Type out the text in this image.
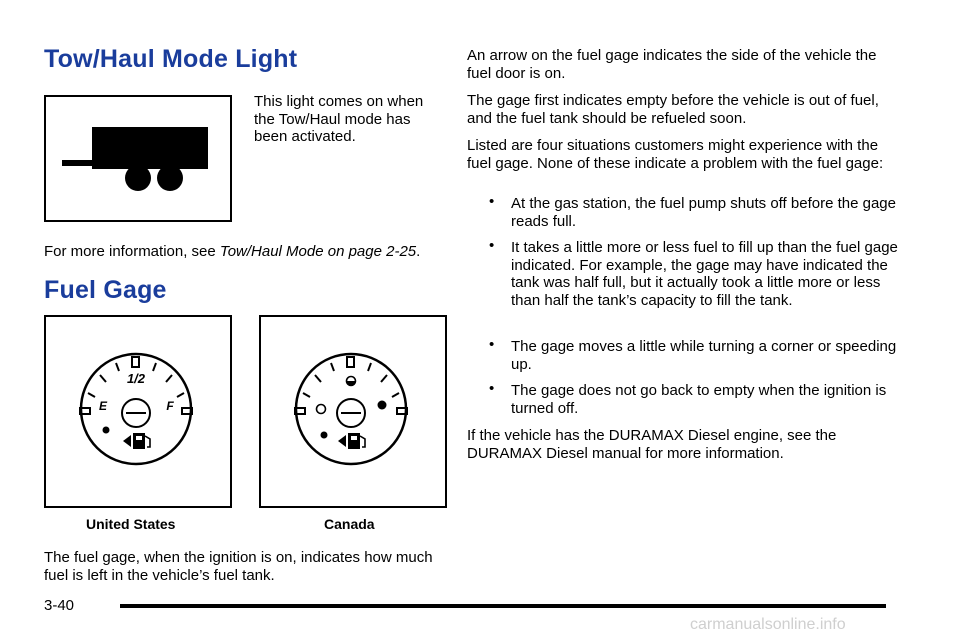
Tow/Haul Mode Light

This light comes on when the Tow/Haul mode has been activated.

For more information, see Tow/Haul Mode on page 2-25.

Fuel Gage
1/2
E	F
United States	Canada

The fuel gage, when the ignition is on, indicates how much fuel is left in the vehicle’s fuel tank.

An arrow on the fuel gage indicates the side of the vehicle the fuel door is on.

The gage first indicates empty before the vehicle is out of fuel, and the fuel tank should be refueled soon.

Listed are four situations customers might experience with the fuel gage. None of these indicate a problem with the fuel gage:

• At the gas station, the fuel pump shuts off before the gage reads full.
• It takes a little more or less fuel to fill up than the fuel gage indicated. For example, the gage may have indicated the tank was half full, but it actually took a little more or less than half the tank’s capacity to fill the tank.
• The gage moves a little while turning a corner or speeding up.
• The gage does not go back to empty when the ignition is turned off.

If the vehicle has the DURAMAX Diesel engine, see the DURAMAX Diesel manual for more information.

3-40
carmanualsonline.info
